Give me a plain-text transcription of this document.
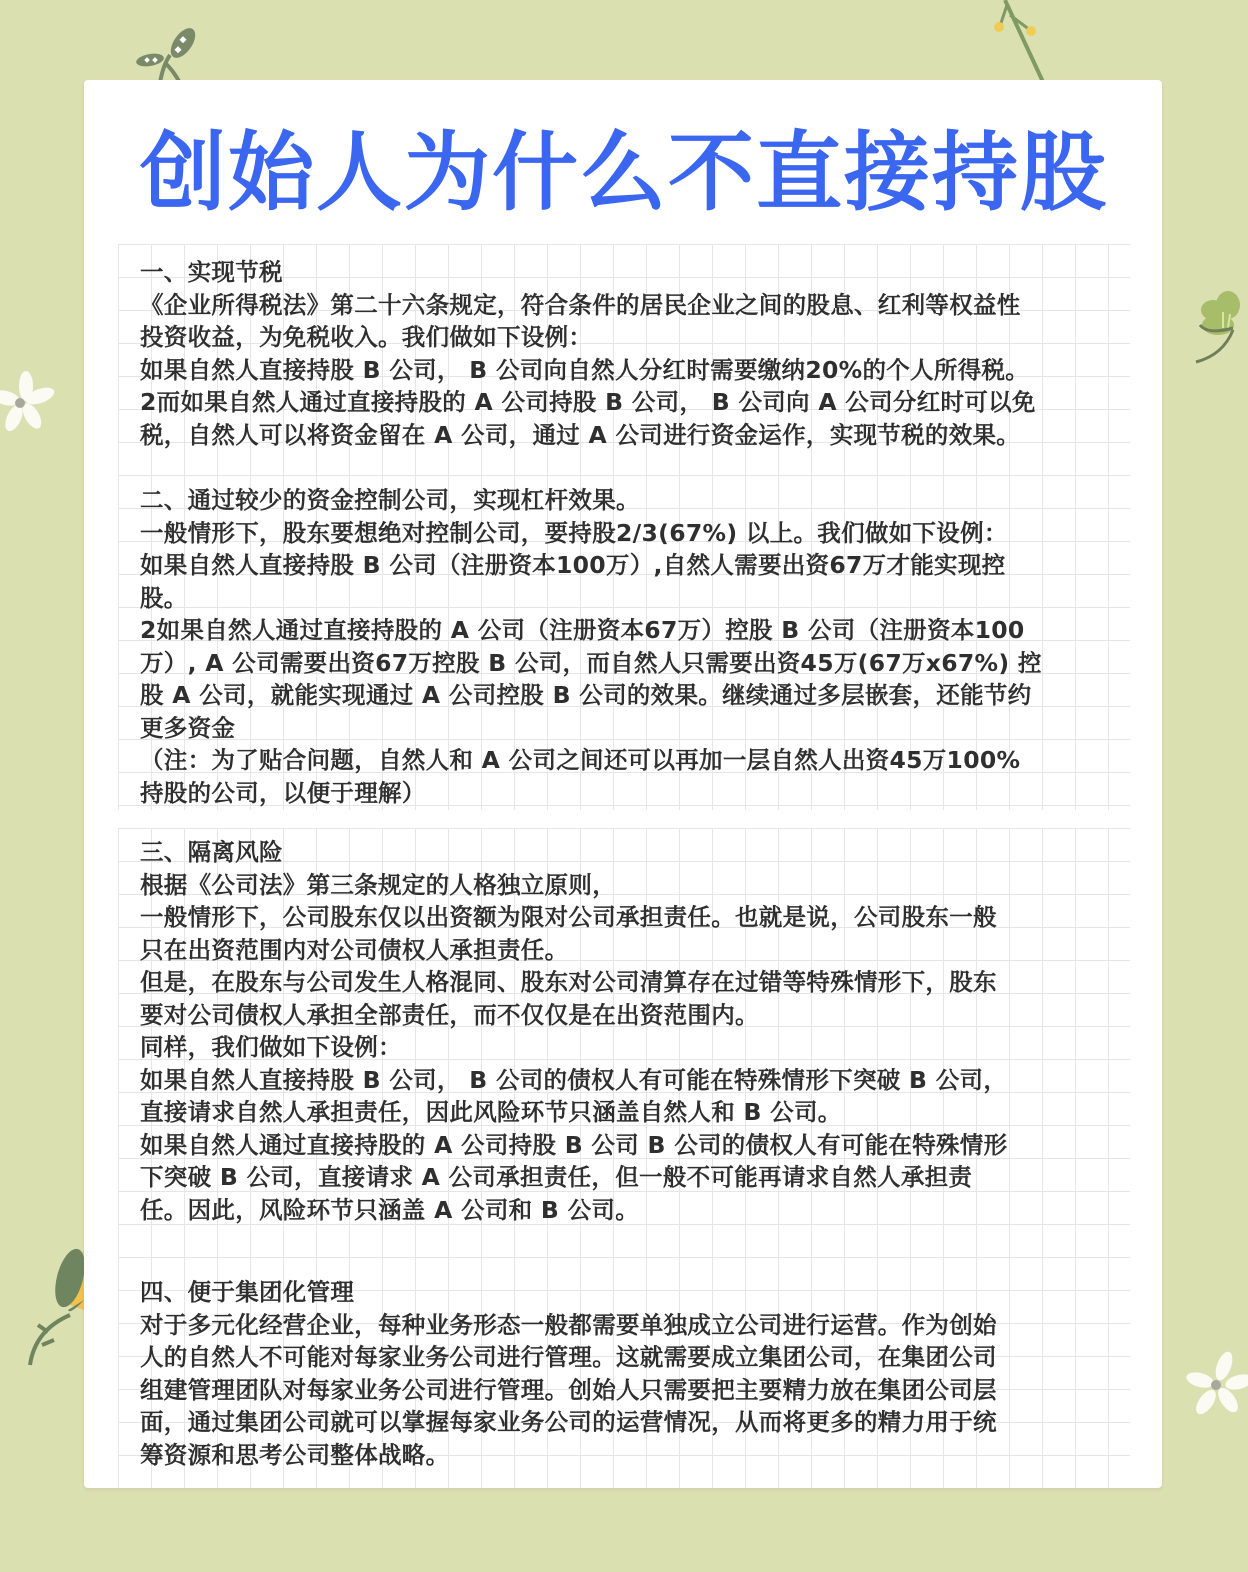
创始人为什么不直接持股

一、实现节税

《企业所得税法》第二十六条规定，符合条件的居民企业之间的股息、红利等权益性

投资收益，为免税收入。我们做如下设例：

如果自然人直接持股 B 公司， B 公司向自然人分红时需要缴纳20%的个人所得税。

2而如果自然人通过直接持股的 A 公司持股 B 公司， B 公司向 A 公司分红时可以免

税，自然人可以将资金留在 A 公司，通过 A 公司进行资金运作，实现节税的效果。

二、通过较少的资金控制公司，实现杠杆效果。

一般情形下，股东要想绝对控制公司，要持股2/3(67%) 以上。我们做如下设例：

如果自然人直接持股 B 公司（注册资本100万）,自然人需要出资67万才能实现控

股。

2如果自然人通过直接持股的 A 公司（注册资本67万）控股 B 公司（注册资本100

万）, A 公司需要出资67万控股 B 公司，而自然人只需要出资45万(67万x67%) 控

股 A 公司，就能实现通过 A 公司控股 B 公司的效果。继续通过多层嵌套，还能节约

更多资金

（注：为了贴合问题，自然人和 A 公司之间还可以再加一层自然人出资45万100%

持股的公司，以便于理解）

三、隔离风险

根据《公司法》第三条规定的人格独立原则，

一般情形下，公司股东仅以出资额为限对公司承担责任。也就是说，公司股东一般

只在出资范围内对公司债权人承担责任。

但是，在股东与公司发生人格混同、股东对公司清算存在过错等特殊情形下，股东

要对公司债权人承担全部责任，而不仅仅是在出资范围内。

同样，我们做如下设例：

如果自然人直接持股 B 公司， B 公司的债权人有可能在特殊情形下突破 B 公司，

直接请求自然人承担责任，因此风险环节只涵盖自然人和 B 公司。

如果自然人通过直接持股的 A 公司持股 B 公司 B 公司的债权人有可能在特殊情形

下突破 B 公司，直接请求 A 公司承担责任，但一般不可能再请求自然人承担责

任。因此，风险环节只涵盖 A 公司和 B 公司。

四、便于集团化管理

对于多元化经营企业，每种业务形态一般都需要单独成立公司进行运营。作为创始

人的自然人不可能对每家业务公司进行管理。这就需要成立集团公司，在集团公司

组建管理团队对每家业务公司进行管理。创始人只需要把主要精力放在集团公司层

面，通过集团公司就可以掌握每家业务公司的运营情况，从而将更多的精力用于统

筹资源和思考公司整体战略。
